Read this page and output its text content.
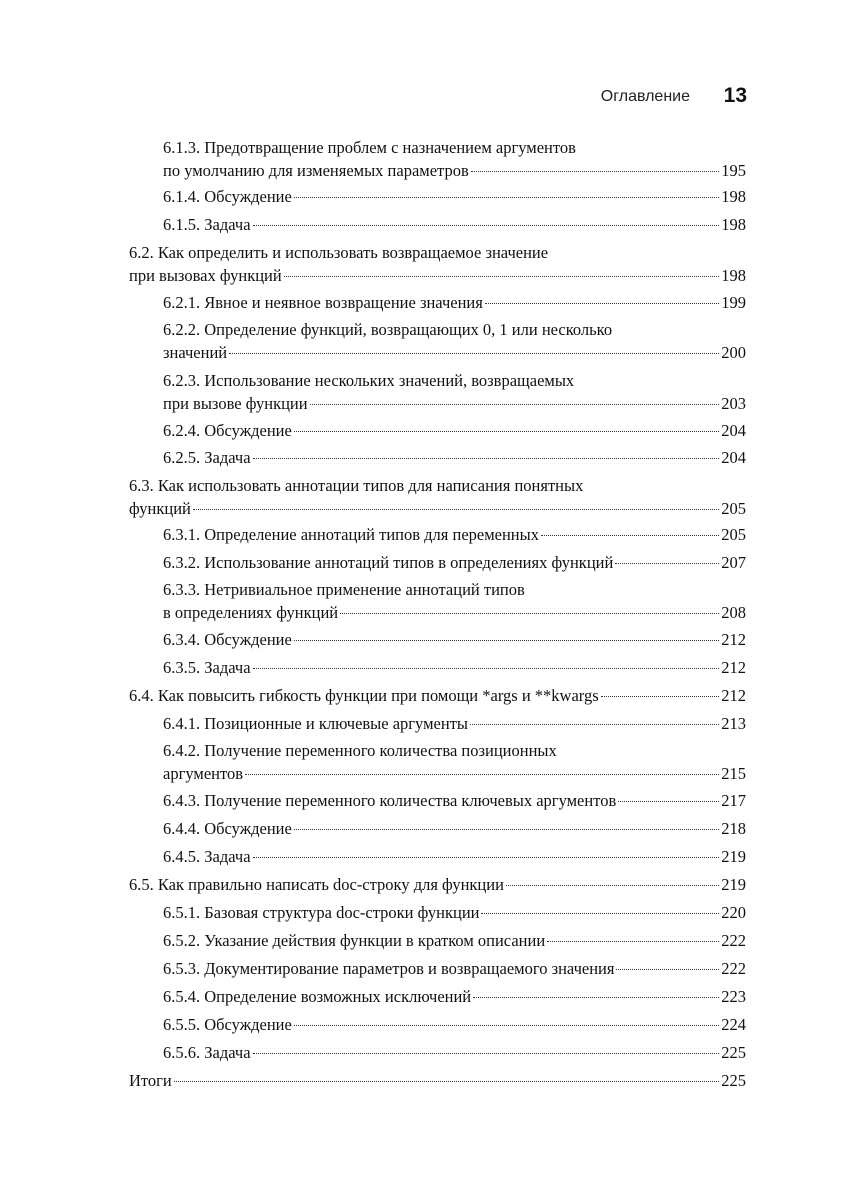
Оглавление 13
6.1.3. Предотвращение проблем с назначением аргументов
по умолчанию для изменяемых параметров	195
6.1.4. Обсуждение	198
6.1.5. Задача	198
6.2. Как определить и использовать возвращаемое значение
при вызовах функций	198
6.2.1. Явное и неявное возвращение значения	199
6.2.2. Определение функций, возвращающих 0, 1 или несколько
значений	200
6.2.3. Использование нескольких значений, возвращаемых
при вызове функции	203
6.2.4. Обсуждение	204
6.2.5. Задача	204
6.3. Как использовать аннотации типов для написания понятных
функций	205
6.3.1. Определение аннотаций типов для переменных	205
6.3.2. Использование аннотаций типов в определениях функций	207
6.3.3. Нетривиальное применение аннотаций типов
в определениях функций	208
6.3.4. Обсуждение	212
6.3.5. Задача	212
6.4. Как повысить гибкость функции при помощи *args и **kwargs	212
6.4.1. Позиционные и ключевые аргументы	213
6.4.2. Получение переменного количества позиционных
аргументов	215
6.4.3. Получение переменного количества ключевых аргументов	217
6.4.4. Обсуждение	218
6.4.5. Задача	219
6.5. Как правильно написать doc-строку для функции	219
6.5.1. Базовая структура doc-строки функции	220
6.5.2. Указание действия функции в кратком описании	222
6.5.3. Документирование параметров и возвращаемого значения	222
6.5.4. Определение возможных исключений	223
6.5.5. Обсуждение	224
6.5.6. Задача	225
Итоги	225
